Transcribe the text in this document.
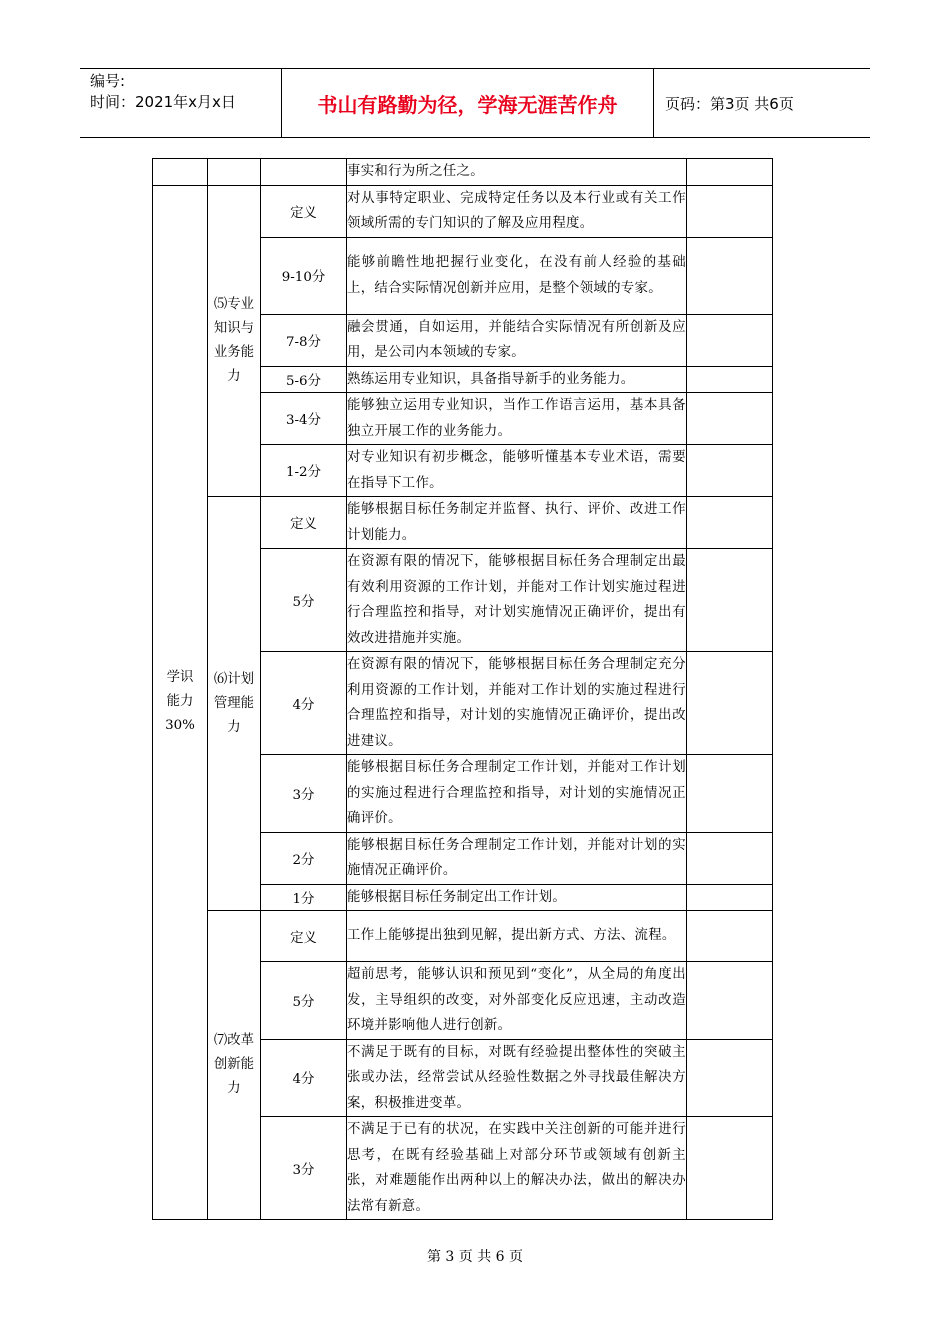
编号:
时间：2021年x月x日	书山有路勤为径，学海无涯苦作舟	页码：第3页 共6页
			事实和行为所之任之。	

学识能力30%	⑸专业知识与业务能力	定义	对从事特定职业、完成特定任务以及本行业或有关工作领域所需的专门知识的了解及应用程度。	
		9-10分	能够前瞻性地把握行业变化，在没有前人经验的基础上，结合实际情况创新并应用，是整个领域的专家。	
		7-8分	融会贯通，自如运用，并能结合实际情况有所创新及应用，是公司内本领域的专家。	
		5-6分	熟练运用专业知识，具备指导新手的业务能力。	
		3-4分	能够独立运用专业知识，当作工作语言运用，基本具备独立开展工作的业务能力。	
		1-2分	对专业知识有初步概念，能够听懂基本专业术语，需要在指导下工作。	

	⑹计划管理能力	定义	能够根据目标任务制定并监督、执行、评价、改进工作计划能力。	
		5分	在资源有限的情况下，能够根据目标任务合理制定出最有效利用资源的工作计划，并能对工作计划实施过程进行合理监控和指导，对计划实施情况正确评价，提出有效改进措施并实施。	
		4分	在资源有限的情况下，能够根据目标任务合理制定充分利用资源的工作计划，并能对工作计划的实施过程进行合理监控和指导，对计划的实施情况正确评价，提出改进建议。	
		3分	能够根据目标任务合理制定工作计划，并能对工作计划的实施过程进行合理监控和指导，对计划的实施情况正确评价。	
		2分	能够根据目标任务合理制定工作计划，并能对计划的实施情况正确评价。	
		1分	能够根据目标任务制定出工作计划。	

	⑺改革创新能力	定义	工作上能够提出独到见解，提出新方式、方法、流程。	
		5分	超前思考，能够认识和预见到“变化”，从全局的角度出发，主导组织的改变，对外部变化反应迅速，主动改造环境并影响他人进行创新。	
		4分	不满足于既有的目标，对既有经验提出整体性的突破主张或办法，经常尝试从经验性数据之外寻找最佳解决方案，积极推进变革。	
		3分	不满足于已有的状况，在实践中关注创新的可能并进行思考，在既有经验基础上对部分环节或领域有创新主张，对难题能作出两种以上的解决办法，做出的解决办法常有新意。	
第 3 页 共 6 页
